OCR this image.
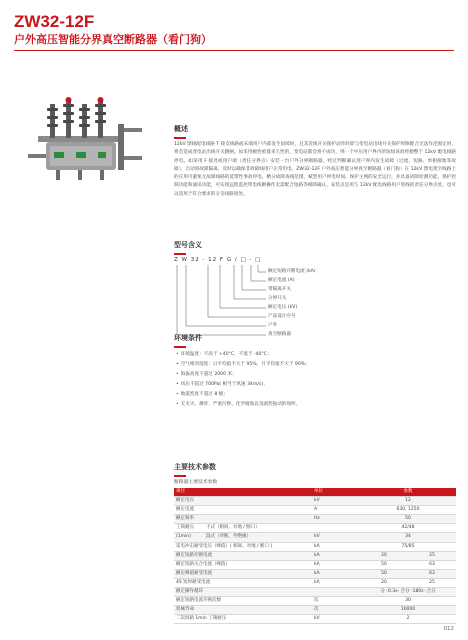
ZW32-12F
户外高压智能分界真空断路器（看门狗）
概述

12kV 馈线配电线路 T 接支线路或末端用户内部发生故障时，且其近线开关保护动作时即与变电站出线开关保护时限配合无法作范围定时，将会造成变电站出线开关跳闸。如采用额性被置来久性的，变电站都会将不成功，则一个中压用户界内的短绿该故将便整个 12kV 配电线路停电。如采用 F 接处或用户端（责任分界点）安装一台户外分界断路器，经过判断确认用户界内发生故障（过流、短路、单相接地等故障），自动将故障隔离，及时以确保非故障线用户正常用电。ZW32-12F 户外高压智能分界真空断路器（看门狗）在 12kV 馈电架空线路上的应用可避免无故障线路的延带性事故停电、精分故障查线范围、赋型用户停电时间、保护主网的安全运行，并具备故障检测功能，保护控制功能和通讯功能，可实现远程监控带电线断操作无需配合短路等相障确认。安装点是用与 12kV 配电线路用户进线的责任分界点处，也可以适用于符合要求的分支线路接处。

型号含义
Z W 32 - 12 F G / □ - □
额定短路开断电流 (kA)
额定电流 (A)
带隔离开关
分界开关
额定电压 (kV)
产品设计序号
户外
真空断路器
环境条件
• 环境温度：不高于 +40°C，不低于 -40°C；
• 空气相对湿度：日平均值不大于 95%，月平均值不大于 90%；
• 海拔高度不超过 2000 米；
• 风压不超过 700Pa( 相当于风速 34m/s)；
• 地震烈度不超过 8 级；
• 无火灾、爆炸、严重污秽、化学腐蚀以及剧烈振动的场所。
主要技术参数
断路器主要技术参数
项目	单位	参数	
额定电压	kV	12	
额定电流	A	630, 1250	
额定频率	Hz	50	
工频耐压 干式（相间、对地 / 断口）		42/48	
(1min) 湿式（对断、外绝缘）	kV	34	
雷电冲击耐受电压（峰值）( 相间、对地 / 断口 )	kA	75/85	
额定短路开断电流	kA	20	25
额定短路关合电流（峰值）	kA	50	63
额定峰值耐受电流	kA	50	63
4S 短时耐受电流	kA	20	25
额定操作循环		分 -0.3s- 合分 -180s- 合分	
额定短路电流开断次数	次	30	
机械寿命	次	10000	
二次回路 1min 工频耐压	kV	2	
012
